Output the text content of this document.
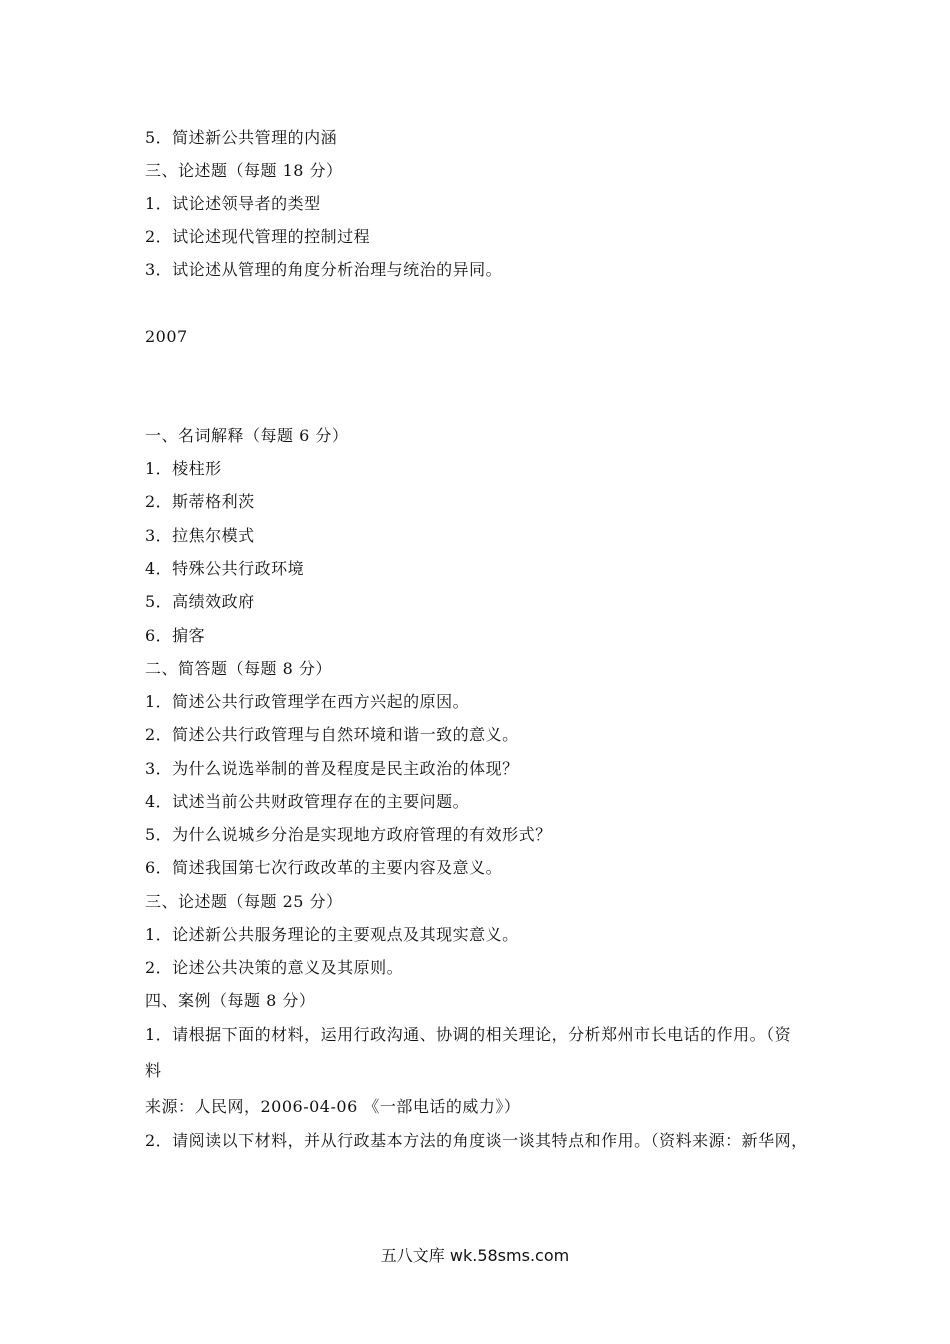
5．简述新公共管理的内涵
三、论述题（每题 18 分）
1．试论述领导者的类型
2．试论述现代管理的控制过程
3．试论述从管理的角度分析治理与统治的异同。
2007
一、名词解释（每题 6 分）
1．棱柱形
2．斯蒂格利茨
3．拉焦尔模式
4．特殊公共行政环境
5．高绩效政府
6．掮客
二、简答题（每题 8 分）
1．简述公共行政管理学在西方兴起的原因。
2．简述公共行政管理与自然环境和谐一致的意义。
3．为什么说选举制的普及程度是民主政治的体现？
4．试述当前公共财政管理存在的主要问题。
5．为什么说城乡分治是实现地方政府管理的有效形式？
6．简述我国第七次行政改革的主要内容及意义。
三、论述题（每题 25 分）
1．论述新公共服务理论的主要观点及其现实意义。
2．论述公共决策的意义及其原则。
四、案例（每题 8 分）
1．请根据下面的材料，运用行政沟通、协调的相关理论，分析郑州市长电话的作用。（资
料
来源：人民网，2006-04-06 《一部电话的威力》）
2．请阅读以下材料，并从行政基本方法的角度谈一谈其特点和作用。（资料来源：新华网，
五八文库 wk.58sms.com
